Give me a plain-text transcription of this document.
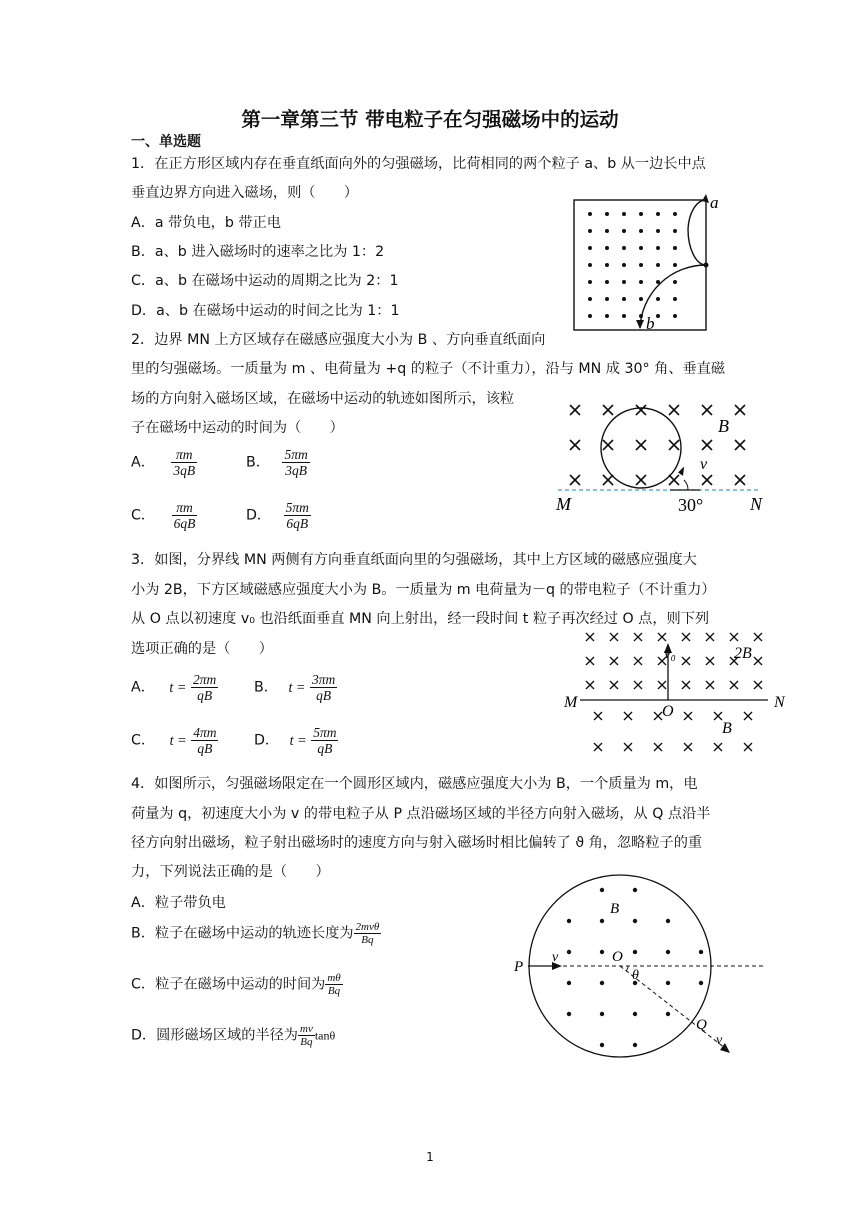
第一章第三节 带电粒子在匀强磁场中的运动
一、单选题
1．在正方形区域内存在垂直纸面向外的匀强磁场，比荷相同的两个粒子 a、b 从一边长中点
垂直边界方向进入磁场，则（　　）
A．a 带负电，b 带正电
B．a、b 进入磁场时的速率之比为 1：2
C．a、b 在磁场中运动的周期之比为 2：1
D．a、b 在磁场中运动的时间之比为 1：1
a
b
2．边界 MN 上方区域存在磁感应强度大小为 B 、方向垂直纸面向
里的匀强磁场。一质量为 m 、电荷量为 +q 的粒子（不计重力），沿与 MN 成 30° 角、垂直磁
场的方向射入磁场区域，在磁场中运动的轨迹如图所示，该粒
子在磁场中运动的时间为（　　）
A． $\frac{\pi m}{3qB}$	B． $\frac{5\pi m}{3qB}$
C． $\frac{\pi m}{6qB}$	D． $\frac{5\pi m}{6qB}$
B
v
M	N
30°
3．如图，分界线 MN 两侧有方向垂直纸面向里的匀强磁场，其中上方区域的磁感应强度大
小为 2B，下方区域磁感应强度大小为 B。一质量为 m 电荷量为－q 的带电粒子（不计重力）
从 O 点以初速度 v₀ 也沿纸面垂直 MN 向上射出，经一段时间 t 粒子再次经过 O 点，则下列
选项正确的是（　　）
A． $t = \frac{2\pi m}{qB}$	B． $t = \frac{3\pi m}{qB}$
C． $t = \frac{4\pi m}{qB}$	D． $t = \frac{5\pi m}{qB}$
v₀	2B
B
M	N
O
4．如图所示，匀强磁场限定在一个圆形区域内，磁感应强度大小为 B，一个质量为 m，电
荷量为 q，初速度大小为 v 的带电粒子从 P 点沿磁场区域的半径方向射入磁场，从 Q 点沿半
径方向射出磁场，粒子射出磁场时的速度方向与射入磁场时相比偏转了 ϑ 角，忽略粒子的重
力，下列说法正确的是（　　）
A．粒子带负电
B．粒子在磁场中运动的轨迹长度为 $\frac{\text{2mvθ}}{Bq}$
C．粒子在磁场中运动的时间为 $\frac{m\theta}{Bq}$
D．圆形磁场区域的半径为 $\frac{mv}{Bq}$ tanθ
B
P
v	O
θ
Q
v
1
